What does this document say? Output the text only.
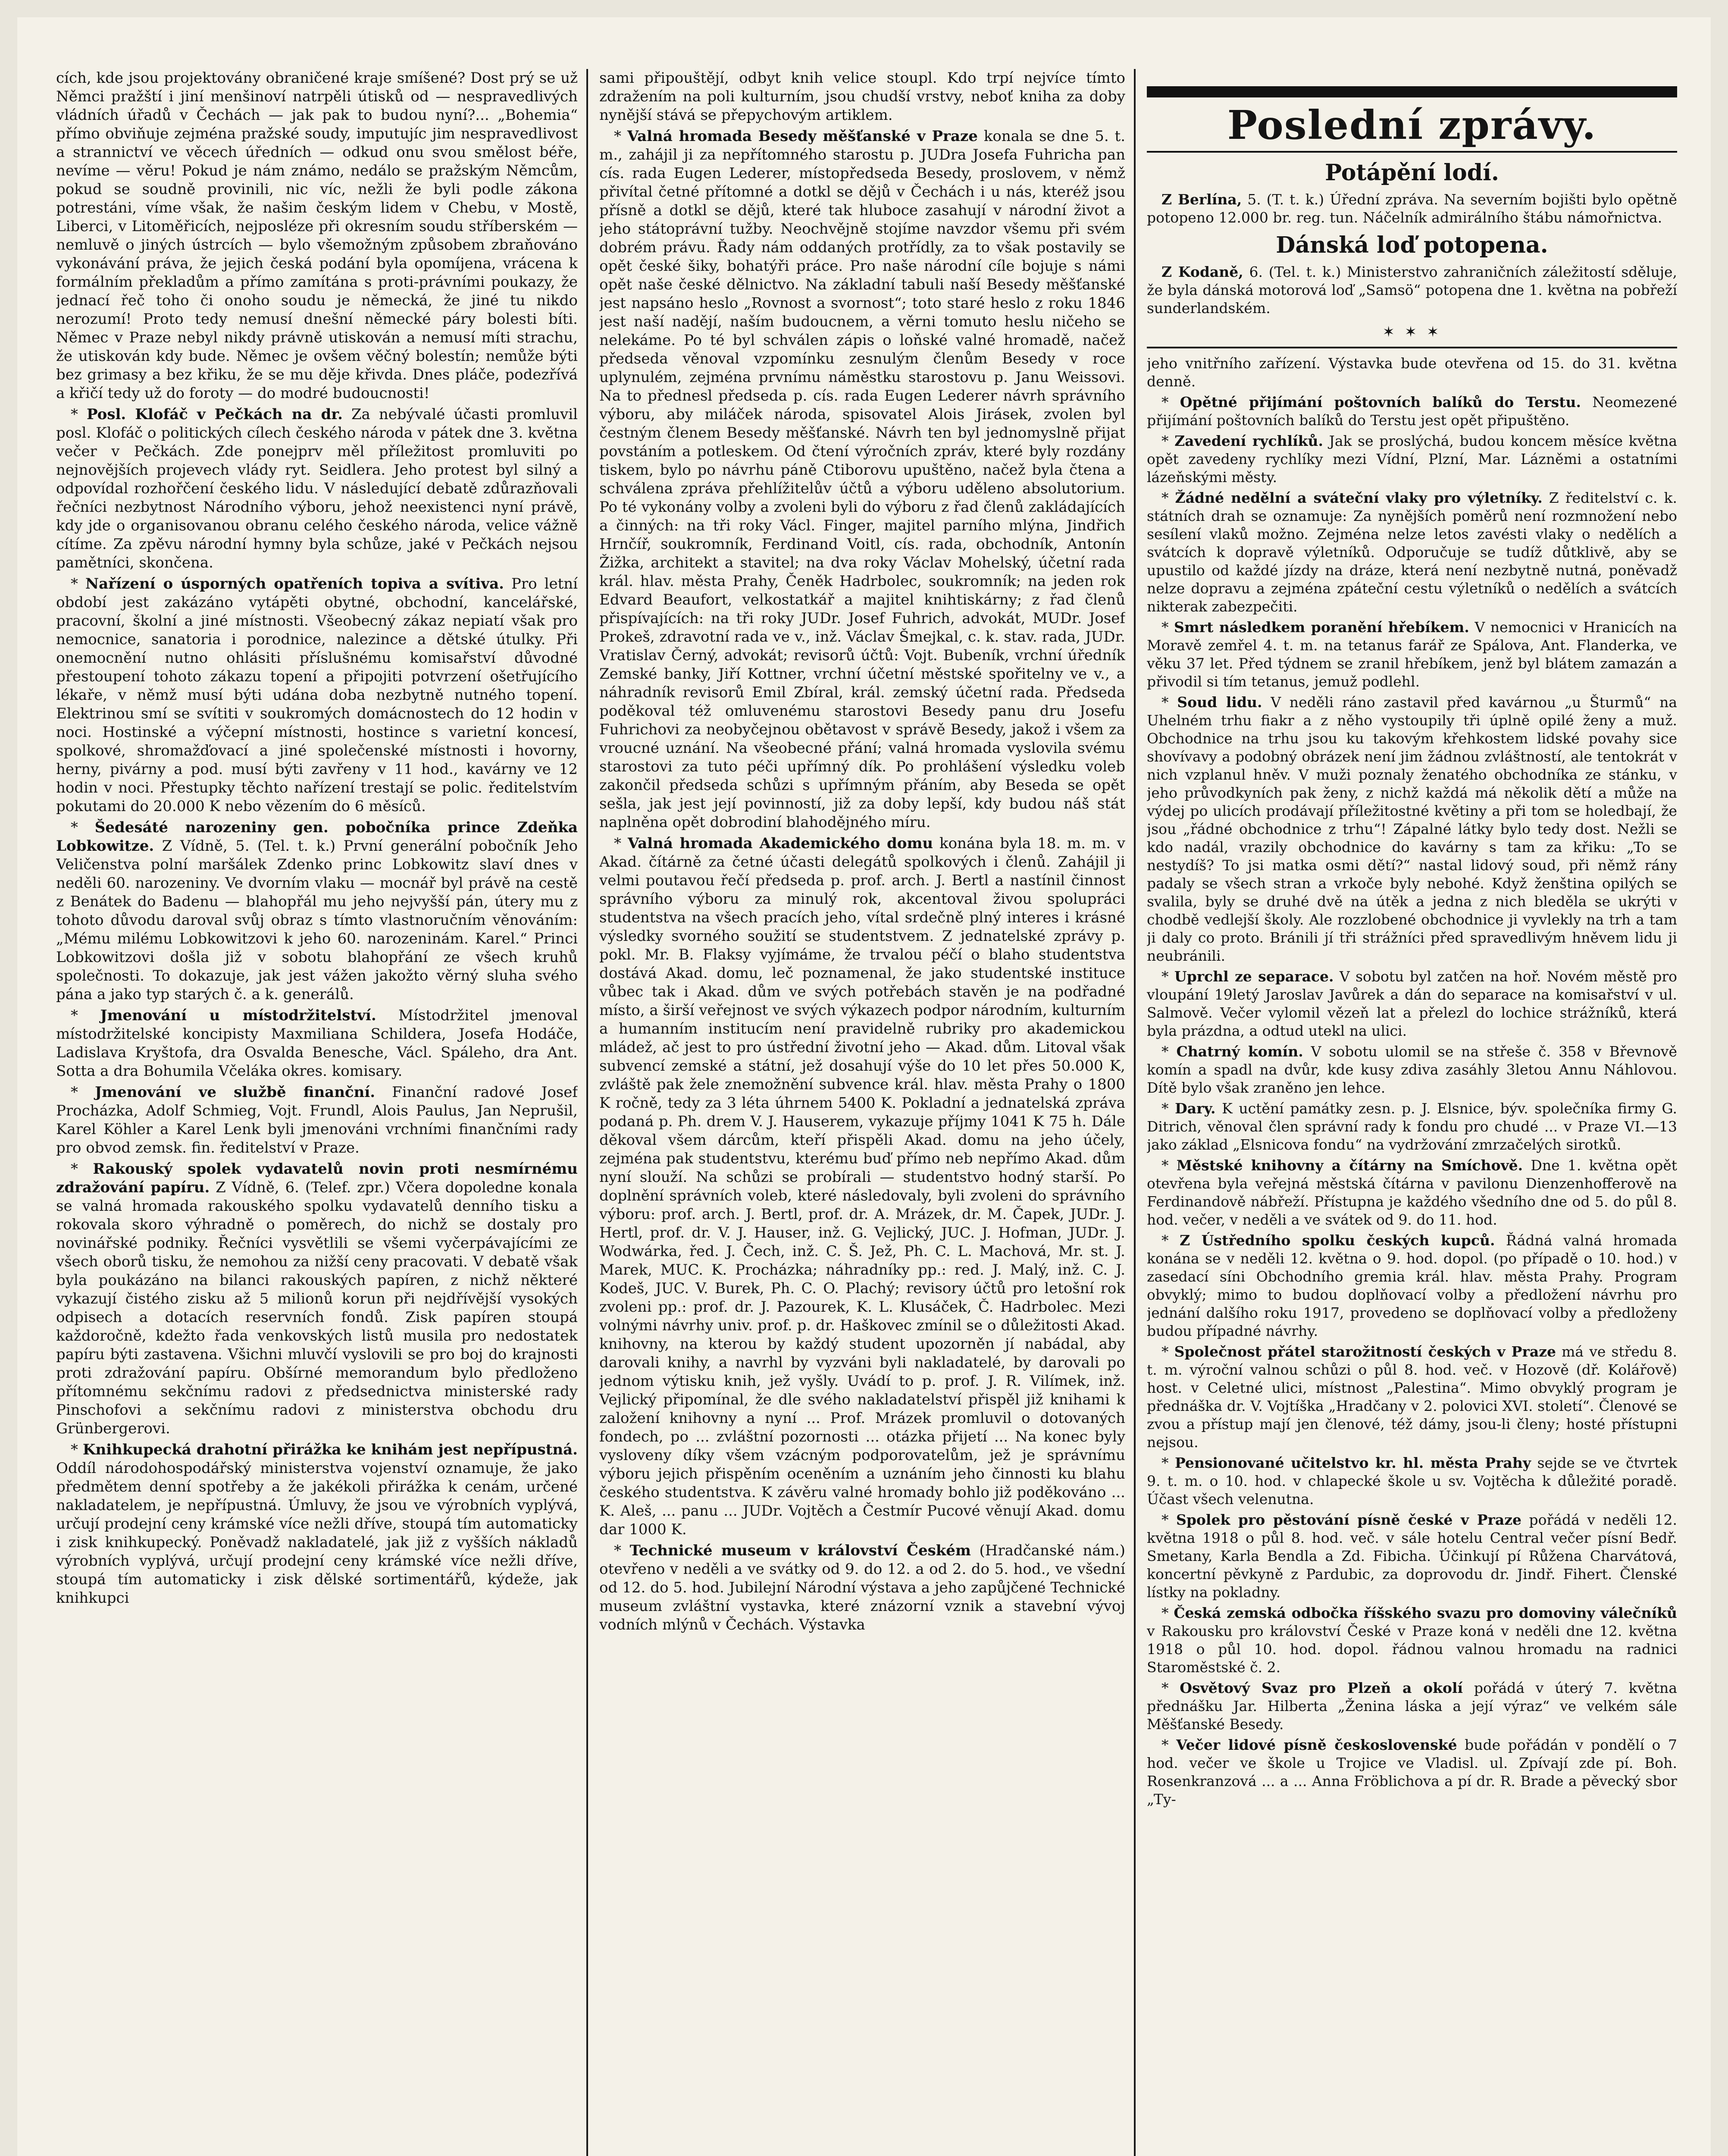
cích, kde jsou projektovány obraničené kraje smíšené? Dost prý se už Němci pražští i jiní menšinoví natrpěli útisků od — nespravedlivých vládních úřadů v Čechách — jak pak to budou nyní?... „Bohemia“ přímo obviňuje zejména pražské soudy, imputujíc jim nespravedlivost a strannictví ve věcech úředních — odkud onu svou smělost béře, nevíme — věru! Pokud je nám známo, nedálo se pražským Němcům, pokud se soudně provinili, nic víc, nežli že byli podle zákona potrestáni, víme však, že našim českým lidem v Chebu, v Mostě, Liberci, v Litoměřicích, nejposléze při okresním soudu stříberském — nemluvě o jiných ústrcích — bylo všemožným způsobem zbraňováno vykonávání práva, že jejich česká podání byla opomíjena, vrácena k formálním překladům a přímo zamítána s proti-právními poukazy, že jednací řeč toho či onoho soudu je německá, že jiné tu nikdo nerozumí! Proto tedy nemusí dnešní německé páry bolesti bíti. Němec v Praze nebyl nikdy právně utiskován a nemusí míti strachu, že utiskován kdy bude. Němec je ovšem věčný bolestín; nemůže býti bez grimasy a bez křiku, že se mu děje křivda. Dnes pláče, podezřívá a křičí tedy už do foroty — do modré budoucnosti!

* Posl. Klofáč v Pečkách na dr. Za nebývalé účasti promluvil posl. Klofáč o politických cílech českého národa v pátek dne 3. května večer v Pečkách. Zde ponejprv měl příležitost promluviti po nejnovějších projevech vlády ryt. Seidlera. Jeho protest byl silný a odpovídal rozhořčení českého lidu. V následující debatě zdůrazňovali řečníci nezbytnost Národního výboru, jehož neexistenci nyní právě, kdy jde o organisovanou obranu celého českého národa, velice vážně cítíme. Za zpěvu národní hymny byla schůze, jaké v Pečkách nejsou pamětníci, skončena.

* Nařízení o úsporných opatřeních topiva a svítiva. Pro letní období jest zakázáno vytápěti obytné, obchodní, kancelářské, pracovní, školní a jiné místnosti. Všeobecný zákaz nepiatí však pro nemocnice, sanatoria i porodnice, nalezince a dětské útulky. Při onemocnění nutno ohlásiti příslušnému komisařství důvodné přestoupení tohoto zákazu topení a připojiti potvrzení ošetřujícího lékaře, v němž musí býti udána doba nezbytně nutného topení. Elektrinou smí se svítiti v soukromých domácnostech do 12 hodin v noci. Hostinské a výčepní místnosti, hostince s varietní koncesí, spolkové, shromažďovací a jiné společenské místnosti i hovorny, herny, pivárny a pod. musí býti zavřeny v 11 hod., kavárny ve 12 hodin v noci. Přestupky těchto nařízení trestají se polic. ředitelstvím pokutami do 20.000 K nebo vězením do 6 měsíců.

* Šedesáté narozeniny gen. pobočníka prince Zdeňka Lobkowitze. Z Vídně, 5. (Tel. t. k.) První generální pobočník Jeho Veličenstva polní maršálek Zdenko princ Lobkowitz slaví dnes v neděli 60. narozeniny. Ve dvorním vlaku — mocnář byl právě na cestě z Benátek do Badenu — blahopřál mu jeho nejvyšší pán, útery mu z tohoto důvodu daroval svůj obraz s tímto vlastnoručním věnováním: „Mému milému Lobkowitzovi k jeho 60. narozeninám. Karel.“ Princi Lobkowitzovi došla již v sobotu blahopřání ze všech kruhů společnosti. To dokazuje, jak jest vážen jakožto věrný sluha svého pána a jako typ starých č. a k. generálů.

* Jmenování u místodržitelství. Místodržitel jmenoval místodržitelské koncipisty Maxmiliana Schildera, Josefa Hodáče, Ladislava Kryštofa, dra Osvalda Beneschе, Václ. Spáleho, dra Ant. Sotta a dra Bohumila Včeláka okres. komisary.

* Jmenování ve službě finanční. Finanční radové Josef Procházka, Adolf Schmieg, Vojt. Frundl, Alois Paulus, Jan Neprušil, Karel Köhler a Karel Lenk byli jmenováni vrchními finančními rady pro obvod zemsk. fin. ředitelství v Praze.

* Rakouský spolek vydavatelů novin proti nesmírnému zdražování papíru. Z Vídně, 6. (Telef. zpr.) Včera dopoledne konala se valná hromada rakouského spolku vydavatelů denního tisku a rokovala skoro výhradně o poměrech, do nichž se dostaly pro novinářské podniky. Řečníci vysvětlili se všemi vyčerpávajícími ze všech oborů tisku, že nemohou za nižší ceny pracovati. V debatě však byla poukázáno na bilanci rakouských papíren, z nichž některé vykazují čistého zisku až 5 milionů korun při nejdřívější vysokých odpisech a dotacích reservních fondů. Zisk papíren stoupá každoročně, kdežto řada venkovských listů musila pro nedostatek papíru býti zastavena. Všichni mluvčí vyslovili se pro boj do krajnosti proti zdražování papíru. Obšírné memorandum bylo předloženo přítomnému sekčnímu radovi z předsednictva ministerské rady Pinschofovi a sekčnímu radovi z ministerstva obchodu dru Grünbergerovi.

* Knihkupecká drahotní přirážka ke knihám jest nepřípustná. Oddíl národohospodářský ministerstva vojenství oznamuje, že jako předmětem denní spotřeby a že jakékoli přirážka k cenám, určené nakladatelem, je nepřípustná. Úmluvy, že jsou ve výrobních vyplývá, určují prodejní ceny krámské více nežli dříve, stoupá tím automaticky i zisk knihkupecký. Poněvadž nakladatelé, jak již z vyšších nákladů výrobních vyplývá, určují prodejní ceny krámské více nežli dříve, stoupá tím automaticky i zisk dělské sortimentářů, kýdeže, jak knihkupci

sami připouštějí, odbyt knih velice stoupl. Kdo trpí nejvíce tímto zdražením na poli kulturním, jsou chudší vrstvy, neboť kniha za doby nynější stává se přepychovým artiklem.

* Valná hromada Besedy měšťanské v Praze konala se dne 5. t. m., zahájil ji za nepřítomného starostu p. JUDra Josefa Fuhricha pan cís. rada Eugen Lederer, místopředseda Besedy, proslovem, v němž přivítal četné přítomné a dotkl se dějů v Čechách i u nás, kteréž jsou přísně a dotkl se dějů, které tak hluboce zasahují v národní život a jeho státoprávní tužby. Neochvějně stojíme navzdor všemu při svém dobrém právu. Řady nám oddaných protřídly, za to však postavily se opět české šiky, bohatýři práce. Pro naše národní cíle bojuje s námi opět naše české dělnictvo. Na základní tabuli naší Besedy měšťanské jest napsáno heslo „Rovnost a svornost“; toto staré heslo z roku 1846 jest naší nadějí, naším budoucnem, a věrni tomuto heslu ničeho se nelekáme. Po té byl schválen zápis o loňské valné hromadě, načež předseda věnoval vzpomínku zesnulým členům Besedy v roce uplynulém, zejména prvnímu náměstku starostovu p. Janu Weissovi. Na to přednesl předseda p. cís. rada Eugen Lederer návrh správního výboru, aby miláček národa, spisovatel Alois Jirásek, zvolen byl čestným členem Besedy měšťanské. Návrh ten byl jednomyslně přijat povstáním a potleskem. Od čtení výročních zpráv, které byly rozdány tiskem, bylo po návrhu páně Ctiborovu upuštěno, načež byla čtena a schválena zpráva přehlížitelův účtů a výboru uděleno absolutorium. Po té vykonány volby a zvoleni byli do výboru z řad členů zakládajících a činných: na tři roky Václ. Finger, majitel parního mlýna, Jindřich Hrnčíř, soukromník, Ferdinand Voitl, cís. rada, obchodník, Antonín Žižka, architekt a stavitel; na dva roky Václav Mohelský, účetní rada král. hlav. města Prahy, Čeněk Hadrbolec, soukromník; na jeden rok Edvard Beaufort, velkostatkář a majitel knihtiskárny; z řad členů přispívajících: na tři roky JUDr. Josef Fuhrich, advokát, MUDr. Josef Prokeš, zdravotní rada ve v., inž. Václav Šmejkal, c. k. stav. rada, JUDr. Vratislav Černý, advokát; revisorů účtů: Vojt. Bubeník, vrchní úředník Zemské banky, Jiří Kottner, vrchní účetní městské spořitelny ve v., a náhradník revisorů Emil Zbíral, král. zemský účetní rada. Předseda poděkoval též omluvenému starostovi Besedy panu dru Josefu Fuhrichovi za neobyčejnou obětavost v správě Besedy, jakož i všem za vroucné uznání. Na všeobecné přání; valná hromada vyslovila svému starostovi za tuto péči upřímný dík. Po prohlášení výsledku voleb zakončil předseda schůzi s upřímným přáním, aby Beseda se opět sešla, jak jest její povinností, již za doby lepší, kdy budou náš stát naplněna opět dobrodiní blahodějného míru.

* Valná hromada Akademického domu konána byla 18. m. m. v Akad. čítárně za četné účasti delegátů spolkových i členů. Zahájil ji velmi poutavou řečí předseda p. prof. arch. J. Bertl a nastínil činnost správního výboru za minulý rok, akcentoval živou spolupráci studentstva na všech pracích jeho, vítal srdečně plný interes i krásné výsledky svorného soužití se studentstvem. Z jednatelské zprávy p. pokl. Mr. B. Flaksy vyjímáme, že trvalou péčí o blaho studentstva dostává Akad. domu, leč poznamenal, že jako studentské instituce vůbec tak i Akad. dům ve svých potřebách stavěn je na podřadné místo, a širší veřejnost ve svých výkazech podpor národním, kulturním a humanním institucím není pravidelně rubriky pro akademickou mládež, ač jest to pro ústřední životní jeho — Akad. dům. Litoval však subvencí zemské a státní, jež dosahují výše do 10 let přes 50.000 K, zvláště pak žele znemožnění subvence král. hlav. města Prahy o 1800 K ročně, tedy za 3 léta úhrnem 5400 K. Pokladní a jednatelská zpráva podaná p. Ph. drem V. J. Hauserem, vykazuje příjmy 1041 K 75 h. Dále děkoval všem dárcům, kteří přispěli Akad. domu na jeho účely, zejména pak studentstvu, kterému buď přímo neb nepřímo Akad. dům nyní slouží. Na schůzi se probírali — studentstvo hodný starší. Po doplnění správních voleb, které následovaly, byli zvoleni do správního výboru: prof. arch. J. Bertl, prof. dr. A. Mrázek, dr. M. Čapek, JUDr. J. Hertl, prof. dr. V. J. Hauser, inž. G. Vejlický, JUC. J. Hofman, JUDr. J. Wodwárka, řed. J. Čech, inž. C. Š. Jež, Ph. C. L. Machová, Mr. st. J. Marek, MUC. K. Procházka; náhradníky pp.: red. J. Malý, inž. C. J. Kodeš, JUC. V. Burek, Ph. C. O. Plachý; revisory účtů pro letošní rok zvoleni pp.: prof. dr. J. Pazourek, K. L. Klusáček, Č. Hadrbolec. Mezi volnými návrhy univ. prof. p. dr. Haškovec zmínil se o důležitosti Akad. knihovny, na kterou by každý student upozorněn jí nabádal, aby darovali knihy, a navrhl by vyzváni byli nakladatelé, by darovali po jednom výtisku knih, jež vyšly. Uvádí to p. prof. J. R. Vilímek, inž. Vejlický připomínal, že dle svého nakladatelství přispěl již knihami k založení knihovny a nyní ... Prof. Mrázek promluvil o dotovaných fondech, po ... zvláštní pozornosti ... otázka přijetí ... Na konec byly vysloveny díky všem vzácným podporovatelům, jež je správnímu výboru jejich přispěním oceněním a uznáním jeho činnosti ku blahu českého studentstva. K závěru valné hromady bohlo již poděkováno ... K. Aleš, ... panu ... JUDr. Vojtěch a Čestmír Pucové věnují Akad. domu dar 1000 K.

* Technické museum v království Českém (Hradčanské nám.) otevřeno v neděli a ve svátky od 9. do 12. a od 2. do 5. hod., ve všední od 12. do 5. hod. Jubilejní Národní výstava a jeho zapůjčené Technické museum zvláštní vystavka, které znázorní vznik a stavební vývoj vodních mlýnů v Čechách. Výstavka

Poslední zprávy.
Potápění lodí.

Z Berlína, 5. (T. t. k.) Úřední zpráva. Na severním bojišti bylo opětně potopeno 12.000 br. reg. tun. Náčelník admirálního štábu námořnictva.

Dánská loď potopena.

Z Kodaně, 6. (Tel. t. k.) Ministerstvo zahraničních záležitostí sděluje, že byla dánská motorová loď „Samsö“ potopena dne 1. května na pobřeží sunderlandském.

✶ ✶ ✶

jeho vnitřního zařízení. Výstavka bude otevřena od 15. do 31. května denně.

* Opětné přijímání poštovních balíků do Terstu. Neomezené přijímání poštovních balíků do Terstu jest opět připuštěno.

* Zavedení rychlíků. Jak se proslýchá, budou koncem měsíce května opět zavedeny rychlíky mezi Vídní, Plzní, Mar. Lázněmi a ostatními lázeňskými městy.

* Žádné nedělní a sváteční vlaky pro výletníky. Z ředitelství c. k. státních drah se oznamuje: Za nynějších poměrů není rozmnožení nebo sesílení vlaků možno. Zejména nelze letos zavésti vlaky o nedělích a svátcích k dopravě výletníků. Odporučuje se tudíž důtklivě, aby se upustilo od každé jízdy na dráze, která není nezbytně nutná, poněvadž nelze dopravu a zejména zpáteční cestu výletníků o nedělích a svátcích nikterak zabezpečiti.

* Smrt následkem poranění hřebíkem. V nemocnici v Hranicích na Moravě zemřel 4. t. m. na tetanus farář ze Spálova, Ant. Flanderka, ve věku 37 let. Před týdnem se zranil hřebíkem, jenž byl blátem zamazán a přivodil si tím tetanus, jemuž podlehl.

* Soud lidu. V neděli ráno zastavil před kavárnou „u Šturmů“ na Uhelném trhu fiakr a z něho vystoupily tři úplně opilé ženy a muž. Obchodnice na trhu jsou ku takovým křehkostem lidské povahy sice shovívavy a podobný obrázek není jim žádnou zvláštností, ale tentokrát v nich vzplanul hněv. V muži poznaly ženatého obchodníka ze stánku, v jeho průvodkyních pak ženy, z nichž každá má několik dětí a může na výdej po ulicích prodávají příležitostné květiny a při tom se holedbají, že jsou „řádné obchodnice z trhu“! Zápalné látky bylo tedy dost. Nežli se kdo nadál, vrazily obchodnice do kavárny s tam za křiku: „To se nestydíš? To jsi matka osmi dětí?“ nastal lidový soud, při němž rány padaly se všech stran a vrkoče byly nebohé. Když ženština opilých se svalila, byly se druhé dvě na útěk a jedna z nich bleděla se ukrýti v chodbě vedlejší školy. Ale rozzlobené obchodnice ji vyvlekly na trh a tam ji daly co proto. Bránili jí tři strážníci před spravedlivým hněvem lidu ji neubránili.

* Uprchl ze separace. V sobotu byl zatčen na hoř. Novém městě pro vloupání 19letý Jaroslav Javůrek a dán do separace na komisařství v ul. Salmově. Večer vylomil vězeň lat a přelezl do lochice strážníků, která byla prázdna, a odtud utekl na ulici.

* Chatrný komín. V sobotu ulomil se na střeše č. 358 v Břevnově komín a spadl na dvůr, kde kusy zdiva zasáhly 3letou Annu Náhlovou. Dítě bylo však zraněno jen lehce.

* Dary. K uctění památky zesn. p. J. Elsnice, býv. společníka firmy G. Ditrich, věnoval člen správní rady k fondu pro chudé ... v Praze VI.—13 jako základ „Elsnicova fondu“ na vydržování zmrzačelých sirotků.

* Městské knihovny a čítárny na Smíchově. Dne 1. května opět otevřena byla veřejná městská čítárna v pavilonu Dienzenhofferově na Ferdinandově nábřeží. Přístupna je každého všedního dne od 5. do půl 8. hod. večer, v neděli a ve svátek od 9. do 11. hod.

* Z Ústředního spolku českých kupců. Řádná valná hromada konána se v neděli 12. května o 9. hod. dopol. (po případě o 10. hod.) v zasedací síni Obchodního gremia král. hlav. města Prahy. Program obvyklý; mimo to budou doplňovací volby a předložení návrhu pro jednání dalšího roku 1917, provedeno se doplňovací volby a předloženy budou případné návrhy.

* Společnost přátel starožitností českých v Praze má ve středu 8. t. m. výroční valnou schůzi o půl 8. hod. več. v Hozově (dř. Kolářově) host. v Celetné ulici, místnost „Palestina“. Mimo obvyklý program je přednáška dr. V. Vojtíška „Hradčany v 2. polovici XVI. století“. Členové se zvou a přístup mají jen členové, též dámy, jsou-li členy; hosté přístupni nejsou.

* Pensionované učitelstvo kr. hl. města Prahy sejde se ve čtvrtek 9. t. m. o 10. hod. v chlapecké škole u sv. Vojtěcha k důležité poradě. Účast všech velenutna.

* Spolek pro pěstování písně české v Praze pořádá v neděli 12. května 1918 o půl 8. hod. več. v sále hotelu Central večer písní Bedř. Smetany, Karla Bendla a Zd. Fibicha. Účinkují pí Růžena Charvátová, koncertní pěvkyně z Pardubic, za doprovodu dr. Jindř. Fihert. Členské lístky na pokladny.

* Česká zemská odbočka říšského svazu pro domoviny válečníků v Rakousku pro království České v Praze koná v neděli dne 12. května 1918 o půl 10. hod. dopol. řádnou valnou hromadu na radnici Staroměstské č. 2.

* Osvětový Svaz pro Plzeň a okolí pořádá v úterý 7. května přednášku Jar. Hilberta „Ženina láska a její výraz“ ve velkém sále Měšťanské Besedy.

* Večer lidové písně československé bude pořádán v pondělí o 7 hod. večer ve škole u Trojice ve Vladisl. ul. Zpívají zde pí. Boh. Rosenkranzová ... a ... Anna Fröblichova a pí dr. R. Brade a pěvecký sbor „Ty-
